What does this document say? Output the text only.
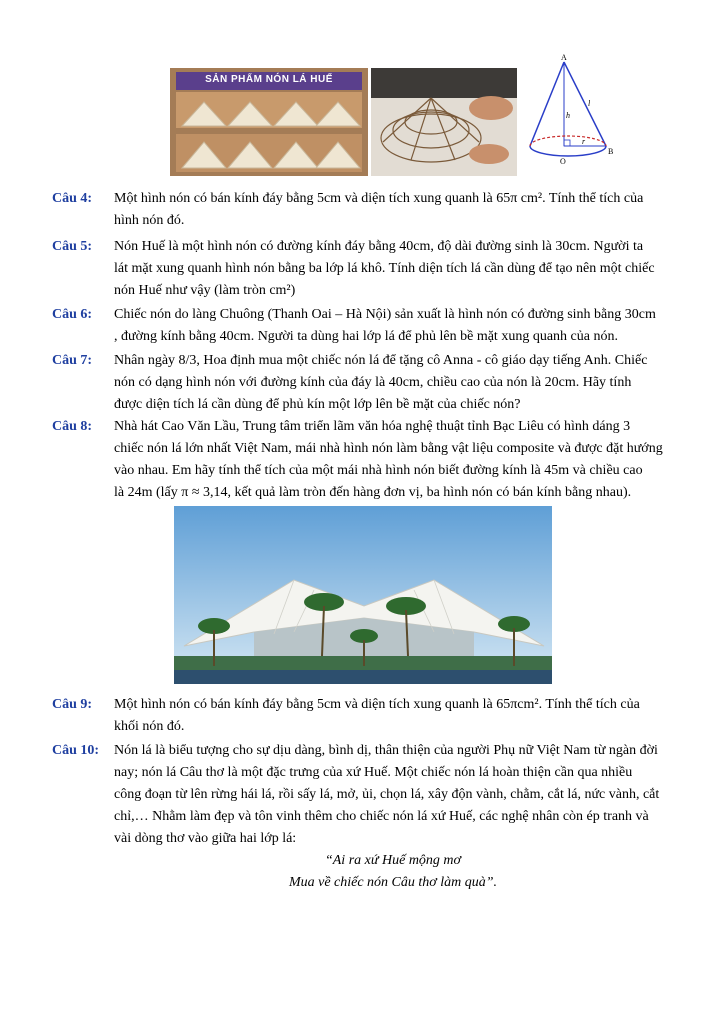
SẢN PHẨM NÓN LÁ HUẾ
A
O
B
h
l
r
Câu 4:	Một hình nón có bán kính đáy bằng 5cm và diện tích xung quanh là 65π cm². Tính thể tích của

hình nón đó.

Câu 5:	Nón Huế là một hình nón có đường kính đáy bằng 40cm, độ dài đường sinh là 30cm. Người ta

lát mặt xung quanh hình nón bằng ba lớp lá khô. Tính diện tích lá cần dùng để tạo nên một chiếc

nón Huế như vậy (làm tròn cm²)

Câu 6:	Chiếc nón do làng Chuông (Thanh Oai – Hà Nội) sản xuất là hình nón có đường sinh bằng 30cm

, đường kính bằng 40cm. Người ta dùng hai lớp lá để phủ lên bề mặt xung quanh của nón.

Câu 7:	Nhân ngày 8/3, Hoa định mua một chiếc nón lá để tặng cô Anna - cô giáo dạy tiếng Anh. Chiếc

nón có dạng hình nón với đường kính của đáy là 40cm, chiều cao của nón là 20cm. Hãy tính

được diện tích lá cần dùng để phủ kín một lớp lên bề mặt của chiếc nón?

Câu 8:	Nhà hát Cao Văn Lầu, Trung tâm triển lãm văn hóa nghệ thuật tỉnh Bạc Liêu có hình dáng 3

chiếc nón lá lớn nhất Việt Nam, mái nhà hình nón làm bằng vật liệu composite và được đặt hướng

vào nhau. Em hãy tính thể tích của một mái nhà hình nón biết đường kính là 45m và chiều cao

là 24m (lấy π ≈ 3,14, kết quả làm tròn đến hàng đơn vị, ba hình nón có bán kính bằng nhau).

Câu 9:	Một hình nón có bán kính đáy bằng 5cm và diện tích xung quanh là 65πcm². Tính thể tích của

khối nón đó.

Câu 10:	Nón lá là biểu tượng cho sự dịu dàng, bình dị, thân thiện của người Phụ nữ Việt Nam từ ngàn đời

nay; nón lá Câu thơ là một đặc trưng của xứ Huế. Một chiếc nón lá hoàn thiện cần qua nhiều

công đoạn từ lên rừng hái lá, rồi sấy lá, mở, ủi, chọn lá, xây độn vành, chằm, cắt lá, nức vành, cắt

chỉ,… Nhằm làm đẹp và tôn vinh thêm cho chiếc nón lá xứ Huế, các nghệ nhân còn ép tranh và

vài dòng thơ vào giữa hai lớp lá:

“Ai ra xứ Huế mộng mơ
Mua về chiếc nón Câu thơ làm quà”.
